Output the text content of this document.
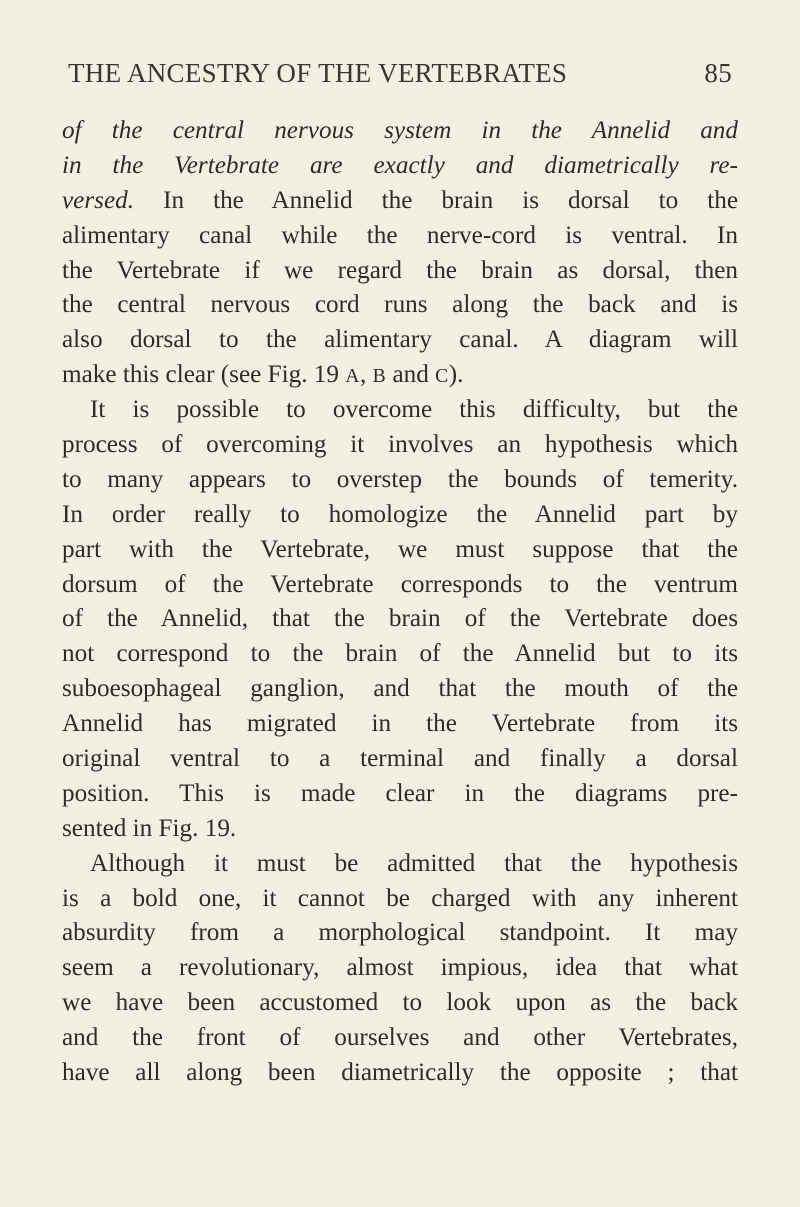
THE ANCESTRY OF THE VERTEBRATES	85
of the central nervous system in the Annelid and
in the Vertebrate are exactly and diametrically re-
versed. In the Annelid the brain is dorsal to the
alimentary canal while the nerve-cord is ventral. In
the Vertebrate if we regard the brain as dorsal, then
the central nervous cord runs along the back and is
also dorsal to the alimentary canal. A diagram will
make this clear (see Fig. 19 A, B and C).
It is possible to overcome this difficulty, but the
process of overcoming it involves an hypothesis which
to many appears to overstep the bounds of temerity.
In order really to homologize the Annelid part by
part with the Vertebrate, we must suppose that the
dorsum of the Vertebrate corresponds to the ventrum
of the Annelid, that the brain of the Vertebrate does
not correspond to the brain of the Annelid but to its
suboesophageal ganglion, and that the mouth of the
Annelid has migrated in the Vertebrate from its
original ventral to a terminal and finally a dorsal
position. This is made clear in the diagrams pre-
sented in Fig. 19.
Although it must be admitted that the hypothesis
is a bold one, it cannot be charged with any inherent
absurdity from a morphological standpoint. It may
seem a revolutionary, almost impious, idea that what
we have been accustomed to look upon as the back
and the front of ourselves and other Vertebrates,
have all along been diametrically the opposite ; that
